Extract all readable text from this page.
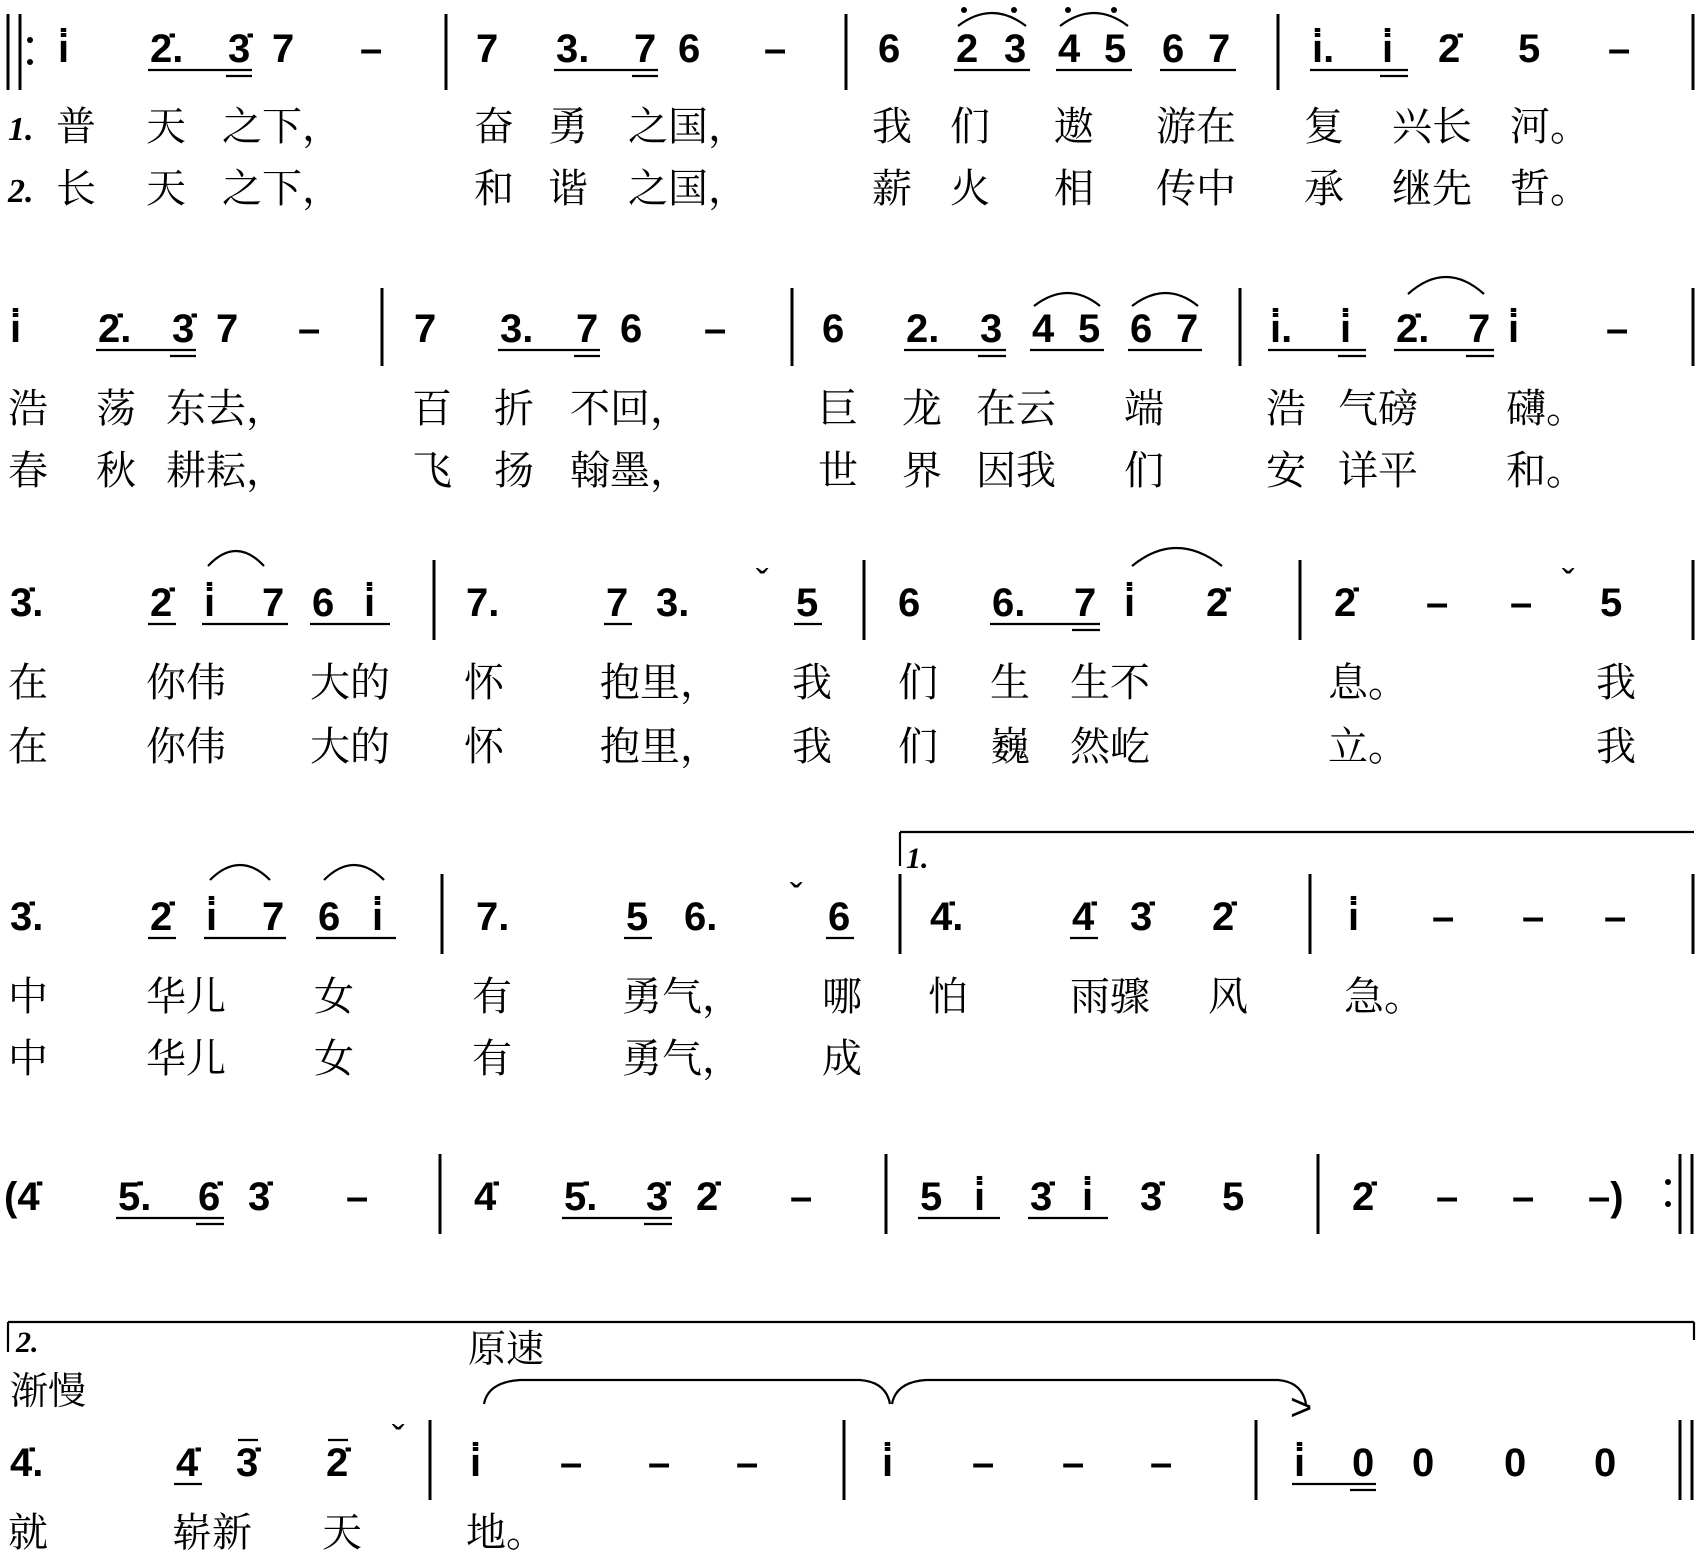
i̇ 2̇. 3̇ 7 – 7 3. 7 6 – 6 2 3 4 5 6 7 i̇. i̇ 2̇ 5 –
1. 普 天 之下，	奋 勇 之国，	我 们 遨 游在 复 兴长 河。
2. 长 天 之下，	和 谐 之国，	薪 火 相 传中 承 继先 哲。
i̇ 2̇. 3̇ 7 – 7 3. 7 6 – 6 2. 3 4 5 6 7 i̇. i̇ 2̇. 7 i̇ –
浩 荡 东去，	百 折 不回，	巨 龙 在云 端	浩 气磅 礴。
春 秋 耕耘，	飞 扬 翰墨，	世 界 因我 们	安 详平 和。
3̇.	2̇ i̇ 7 6 i̇ 7.	7 3. ˇ 5 6 6. 7 i̇ 2̇	2̇ – – ˇ 5
在 你伟 大的 怀 抱里， 我 们 生 生不	息。	我
在 你伟 大的 怀 抱里， 我 们 巍 然屹	立。	我
1.
3̇.	2̇ i̇ 7 6 i̇ 7.	5 6. ˇ 6 4̇.	4̇ 3̇ 2̇	i̇ – – –
中 华儿 女	有	勇气， 哪 怕	雨骤 风 急。
中 华儿 女	有	勇气， 成
(4̇ 5̇. 6̇ 3̇ –	4̇ 5̇. 3̇ 2̇ –	5 i̇ 3̇ i̇ 3̇ 5	2̇ – – –)
2.	原速
渐慢	>
4̇.	4̇ 3̇ 2̇
ˇ
i̇ – – –	i̇ – – –	i̇ 0 0 0 0
就	崭新 天	地。
